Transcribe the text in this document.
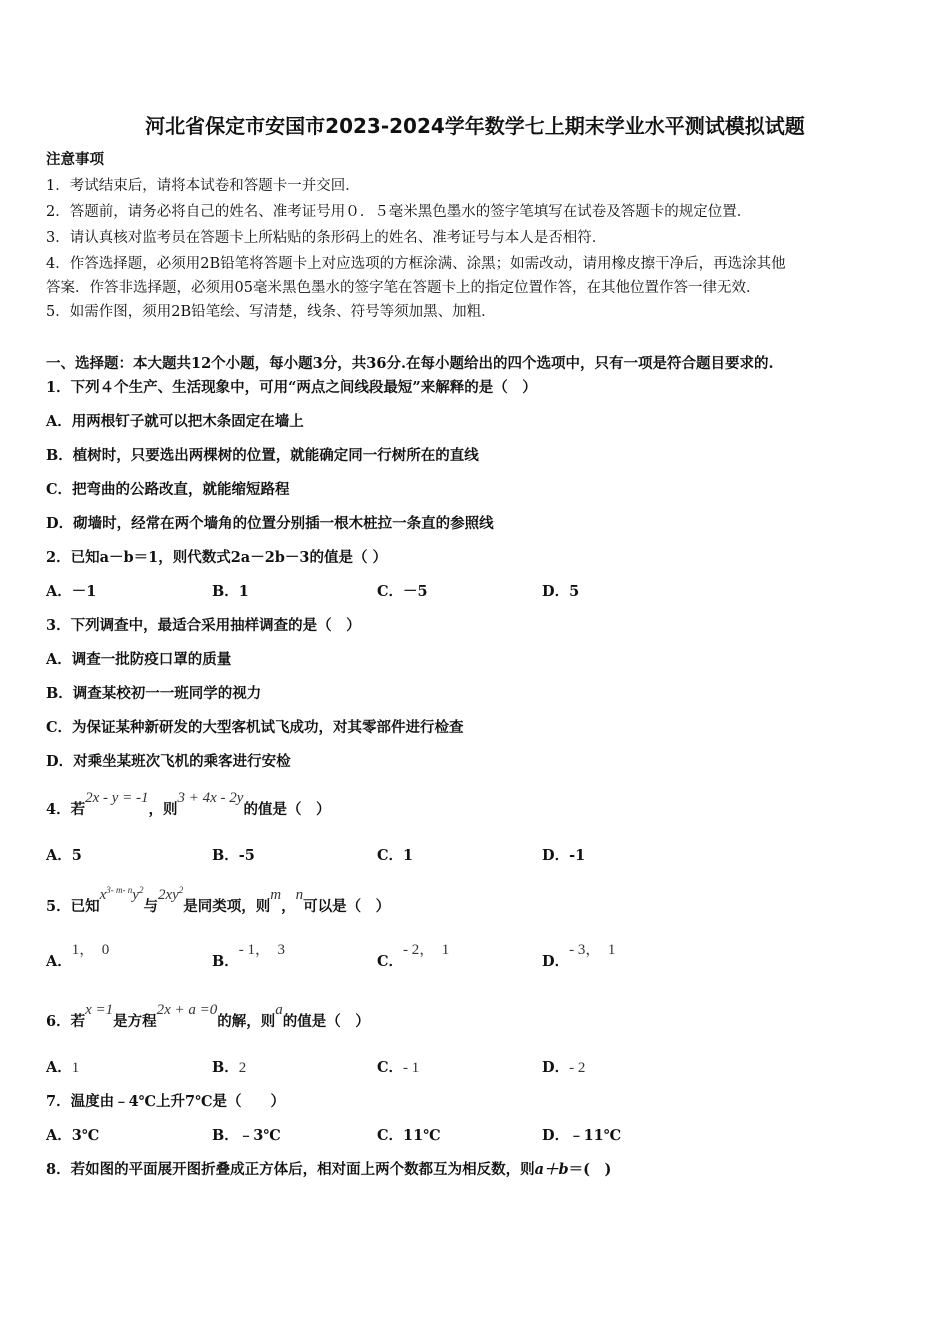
河北省保定市安国市2023-2024学年数学七上期末学业水平测试模拟试题
注意事项
1．考试结束后，请将本试卷和答题卡一并交回．
2．答题前，请务必将自己的姓名、准考证号用０．５毫米黑色墨水的签字笔填写在试卷及答题卡的规定位置．
3．请认真核对监考员在答题卡上所粘贴的条形码上的姓名、准考证号与本人是否相符．
4．作答选择题，必须用2B铅笔将答题卡上对应选项的方框涂满、涂黑；如需改动，请用橡皮擦干净后，再选涂其他
答案．作答非选择题，必须用05毫米黑色墨水的签字笔在答题卡上的指定位置作答，在其他位置作答一律无效．
5．如需作图，须用2B铅笔绘、写清楚，线条、符号等须加黑、加粗．
一、选择题：本大题共12个小题，每小题3分，共36分.在每小题给出的四个选项中，只有一项是符合题目要求的.
1．下列４个生产、生活现象中，可用“两点之间线段最短”来解释的是（　）
A．用两根钉子就可以把木条固定在墙上
B．植树时，只要选出两棵树的位置，就能确定同一行树所在的直线
C．把弯曲的公路改直，就能缩短路程
D．砌墙时，经常在两个墙角的位置分别插一根木桩拉一条直的参照线
2．已知a－b＝1，则代数式2a－2b－3的值是（ ）
A．－1	B．1	C．－5	D．5
3．下列调查中，最适合采用抽样调查的是（　）
A．调查一批防疫口罩的质量
B．调查某校初一一班同学的视力
C．为保证某种新研发的大型客机试飞成功，对其零部件进行检查
D．对乘坐某班次飞机的乘客进行安检
4．若2x - y = -1，则3 + 4x - 2y的值是（　）
A．5	B．-5	C．1	D．-1
5．已知$x^{3- m- n}y^2$与$2xy^2$是同类项，则m，n可以是（　）
A．1，　0
B．- 1，　3
C．- 2，　1
D．- 3，　1
6．若x =1是方程2x + a =0的解，则a的值是（　）
A．1	B．2	C．- 1	D．- 2
7．温度由﹣4℃上升7℃是（　　）
A．3℃	B．﹣3℃	C．11℃	D．﹣11℃
8．若如图的平面展开图折叠成正方体后，相对面上两个数都互为相反数，则a＋b＝(　)
